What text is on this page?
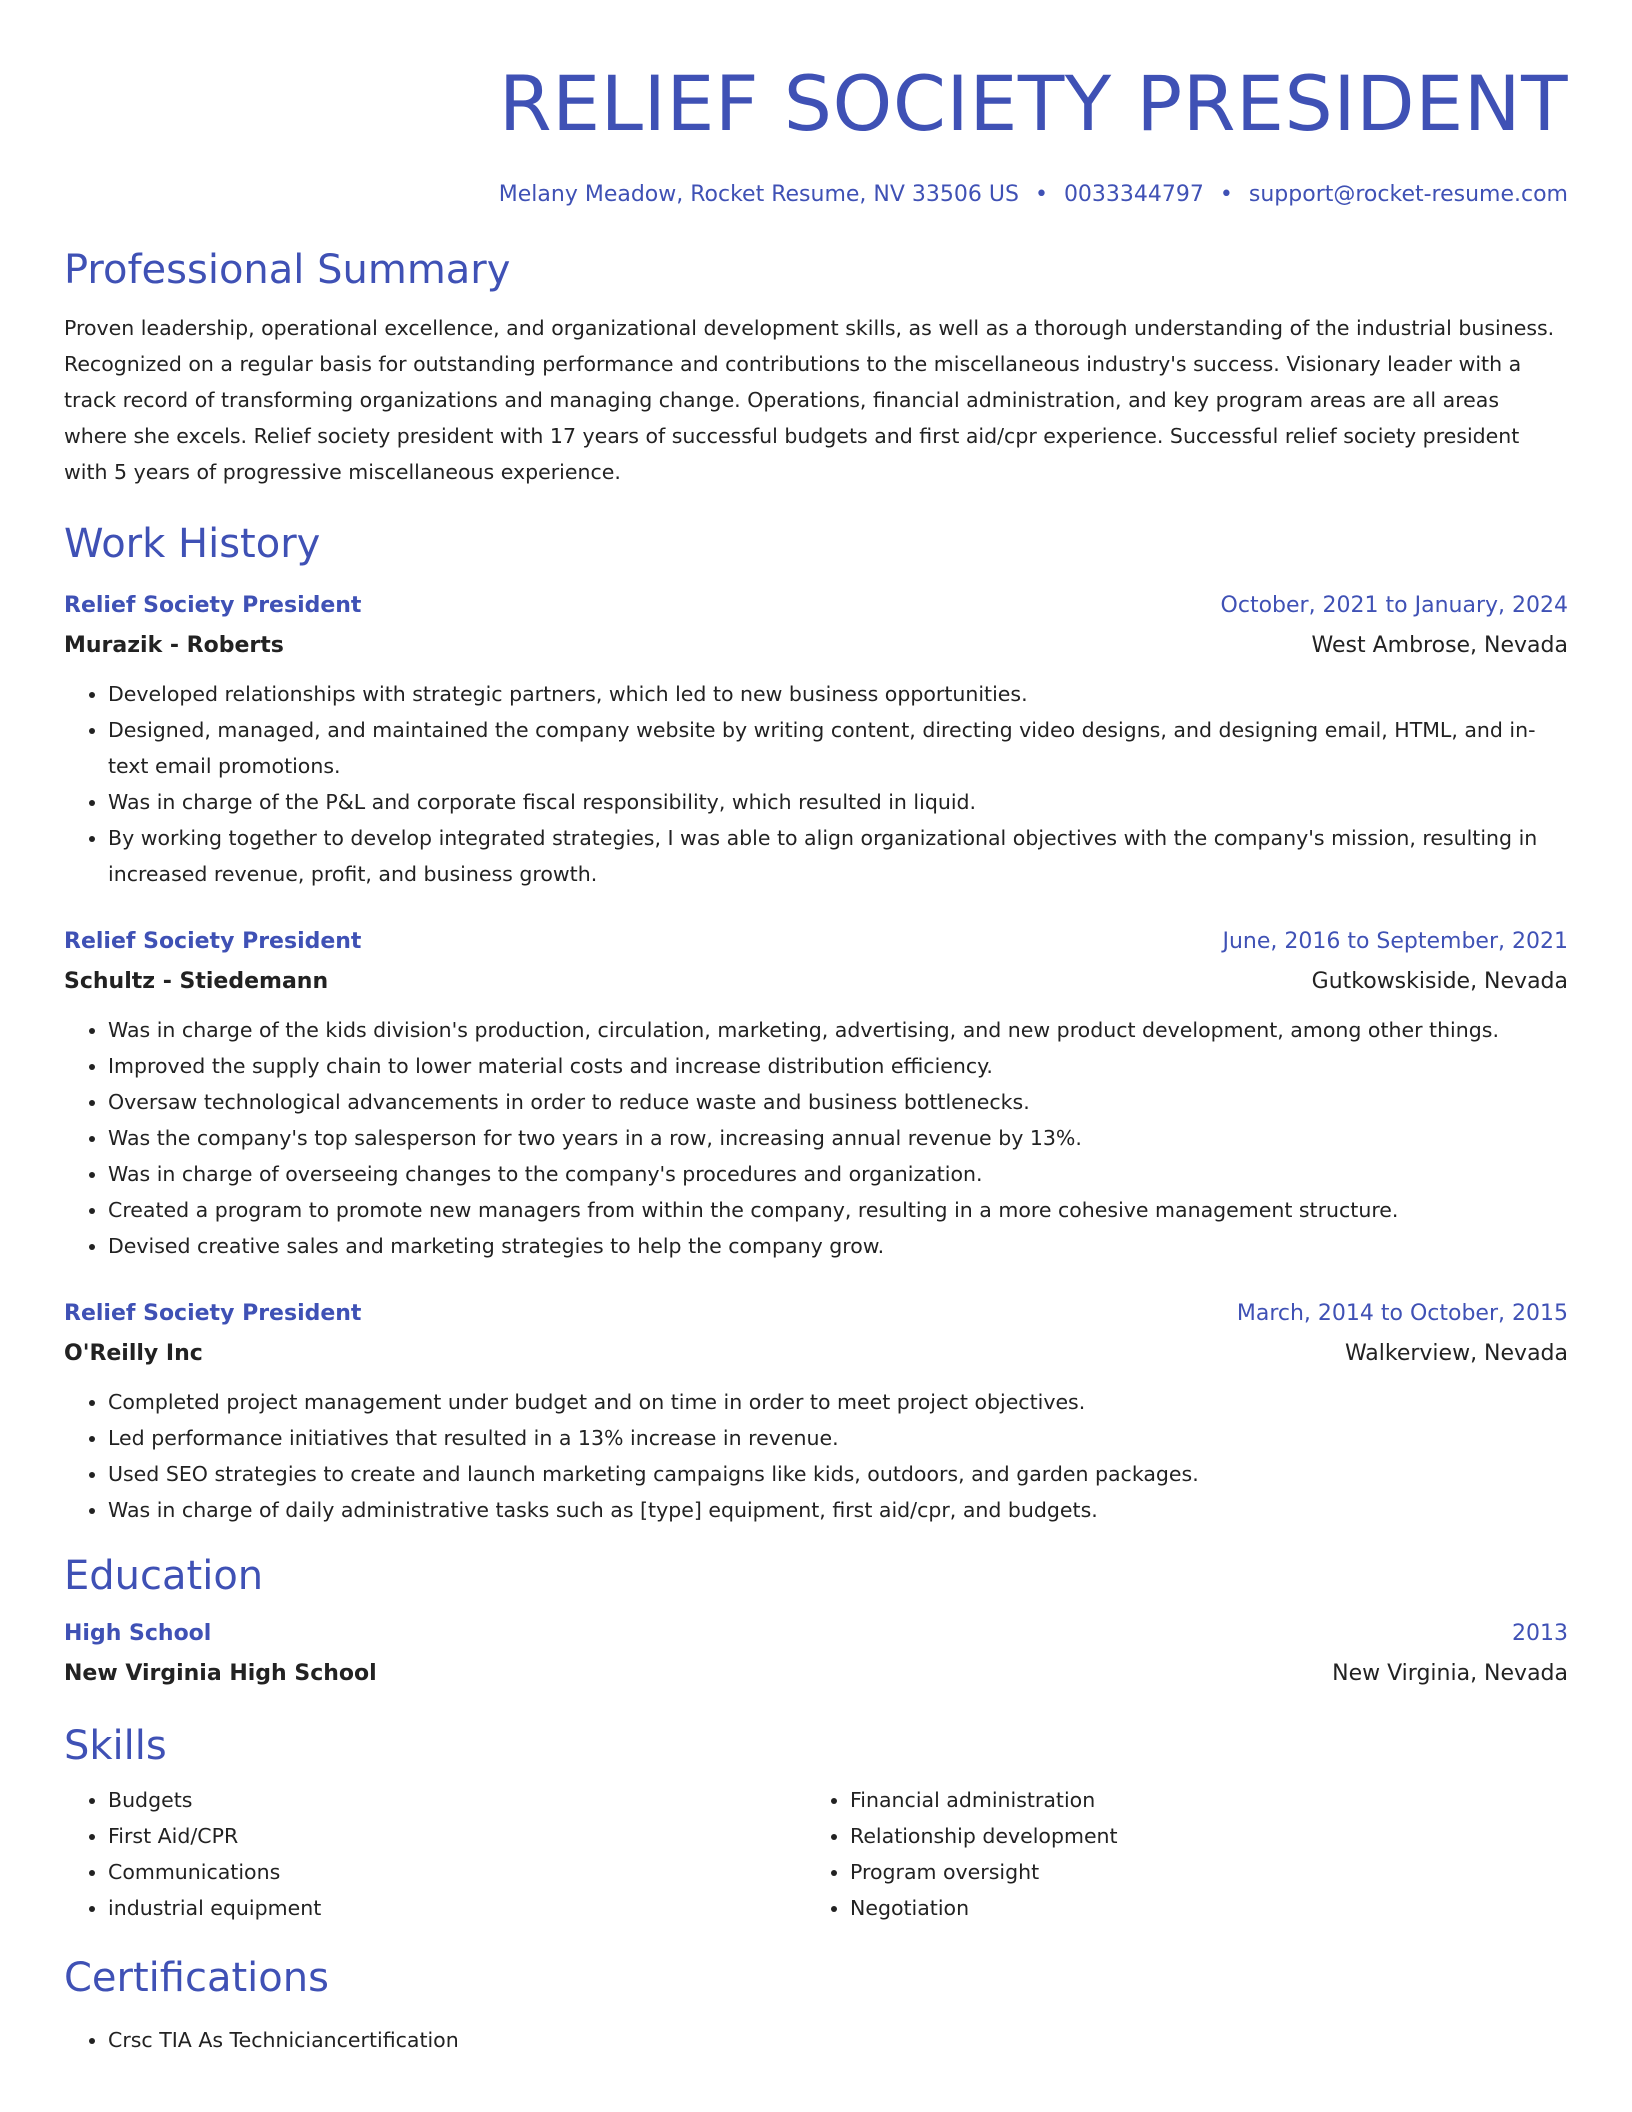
RELIEF SOCIETY PRESIDENT
Melany Meadow, Rocket Resume, NV 33506 US • 0033344797 • support@rocket-resume.com
Professional Summary
Proven leadership, operational excellence, and organizational development skills, as well as a thorough understanding of the industrial business. Recognized on a regular basis for outstanding performance and contributions to the miscellaneous industry's success. Visionary leader with a track record of transforming organizations and managing change. Operations, financial administration, and key program areas are all areas where she excels. Relief society president with 17 years of successful budgets and first aid/cpr experience. Successful relief society president with 5 years of progressive miscellaneous experience.
Work History
Relief Society President	October, 2021 to January, 2024
Murazik - Roberts	West Ambrose, Nevada
• Developed relationships with strategic partners, which led to new business opportunities.
• Designed, managed, and maintained the company website by writing content, directing video designs, and designing email, HTML, and in-text email promotions.
• Was in charge of the P&L and corporate fiscal responsibility, which resulted in liquid.
• By working together to develop integrated strategies, I was able to align organizational objectives with the company's mission, resulting in increased revenue, profit, and business growth.
Relief Society President	June, 2016 to September, 2021
Schultz - Stiedemann	Gutkowskiside, Nevada
• Was in charge of the kids division's production, circulation, marketing, advertising, and new product development, among other things.
• Improved the supply chain to lower material costs and increase distribution efficiency.
• Oversaw technological advancements in order to reduce waste and business bottlenecks.
• Was the company's top salesperson for two years in a row, increasing annual revenue by 13%.
• Was in charge of overseeing changes to the company's procedures and organization.
• Created a program to promote new managers from within the company, resulting in a more cohesive management structure.
• Devised creative sales and marketing strategies to help the company grow.
Relief Society President	March, 2014 to October, 2015
O'Reilly Inc	Walkerview, Nevada
• Completed project management under budget and on time in order to meet project objectives.
• Led performance initiatives that resulted in a 13% increase in revenue.
• Used SEO strategies to create and launch marketing campaigns like kids, outdoors, and garden packages.
• Was in charge of daily administrative tasks such as [type] equipment, first aid/cpr, and budgets.
Education
High School	2013
New Virginia High School	New Virginia, Nevada
Skills
• Budgets
• First Aid/CPR
• Communications
• industrial equipment
• Financial administration
• Relationship development
• Program oversight
• Negotiation
Certifications
• Crsc TIA As Techniciancertification
